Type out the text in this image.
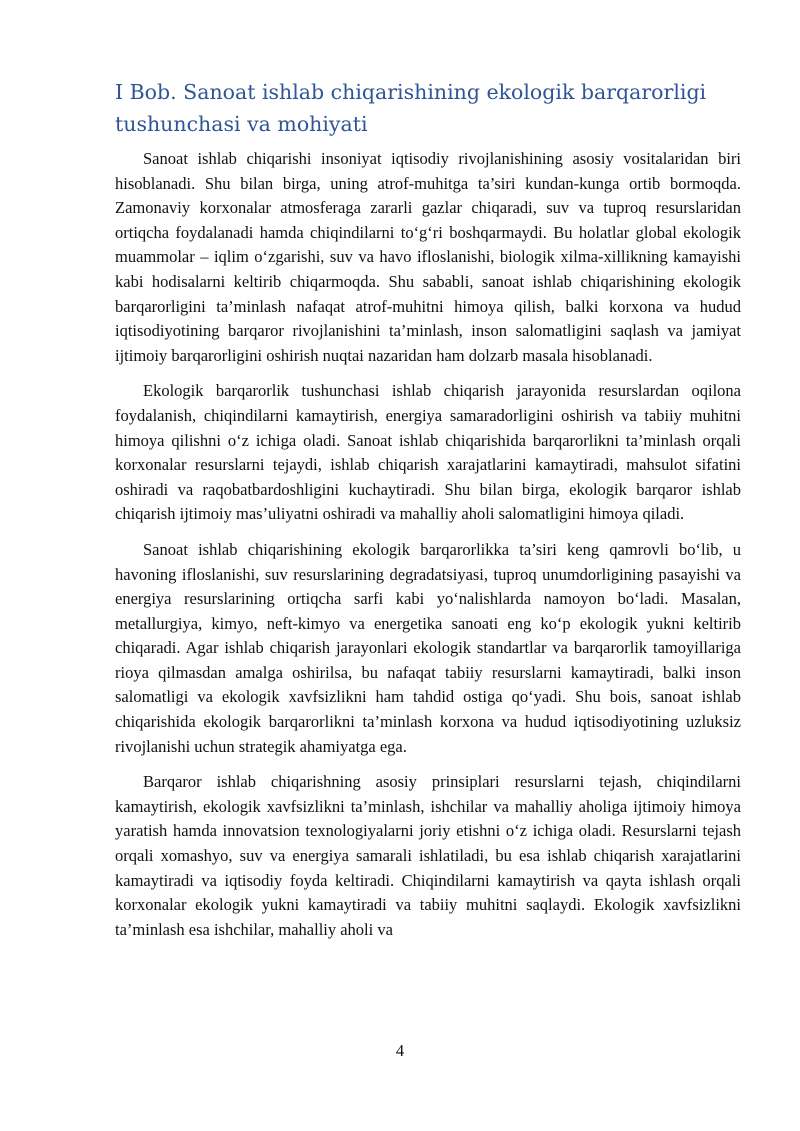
I Bob. Sanoat ishlab chiqarishining ekologik barqarorligi tushunchasi va mohiyati

Sanoat ishlab chiqarishi insoniyat iqtisodiy rivojlanishining asosiy vositalaridan biri hisoblanadi. Shu bilan birga, uning atrof-muhitga ta’siri kundan-kunga ortib bormoqda. Zamonaviy korxonalar atmosferaga zararli gazlar chiqaradi, suv va tuproq resurslaridan ortiqcha foydalanadi hamda chiqindilarni to‘g‘ri boshqarmaydi. Bu holatlar global ekologik muammolar – iqlim o‘zgarishi, suv va havo ifloslanishi, biologik xilma-xillikning kamayishi kabi hodisalarni keltirib chiqarmoqda. Shu sababli, sanoat ishlab chiqarishining ekologik barqarorligini ta’minlash nafaqat atrof-muhitni himoya qilish, balki korxona va hudud iqtisodiyotining barqaror rivojlanishini ta’minlash, inson salomatligini saqlash va jamiyat ijtimoiy barqarorligini oshirish nuqtai nazaridan ham dolzarb masala hisoblanadi.

Ekologik barqarorlik tushunchasi ishlab chiqarish jarayonida resurslardan oqilona foydalanish, chiqindilarni kamaytirish, energiya samaradorligini oshirish va tabiiy muhitni himoya qilishni o‘z ichiga oladi. Sanoat ishlab chiqarishida barqarorlikni ta’minlash orqali korxonalar resurslarni tejaydi, ishlab chiqarish xarajatlarini kamaytiradi, mahsulot sifatini oshiradi va raqobatbardoshligini kuchaytiradi. Shu bilan birga, ekologik barqaror ishlab chiqarish ijtimoiy mas’uliyatni oshiradi va mahalliy aholi salomatligini himoya qiladi.

Sanoat ishlab chiqarishining ekologik barqarorlikka ta’siri keng qamrovli bo‘lib, u havoning ifloslanishi, suv resurslarining degradatsiyasi, tuproq unumdorligining pasayishi va energiya resurslarining ortiqcha sarfi kabi yo‘nalishlarda namoyon bo‘ladi. Masalan, metallurgiya, kimyo, neft-kimyo va energetika sanoati eng ko‘p ekologik yukni keltirib chiqaradi. Agar ishlab chiqarish jarayonlari ekologik standartlar va barqarorlik tamoyillariga rioya qilmasdan amalga oshirilsa, bu nafaqat tabiiy resurslarni kamaytiradi, balki inson salomatligi va ekologik xavfsizlikni ham tahdid ostiga qo‘yadi. Shu bois, sanoat ishlab chiqarishida ekologik barqarorlikni ta’minlash korxona va hudud iqtisodiyotining uzluksiz rivojlanishi uchun strategik ahamiyatga ega.

Barqaror ishlab chiqarishning asosiy prinsiplari resurslarni tejash, chiqindilarni kamaytirish, ekologik xavfsizlikni ta’minlash, ishchilar va mahalliy aholiga ijtimoiy himoya yaratish hamda innovatsion texnologiyalarni joriy etishni o‘z ichiga oladi. Resurslarni tejash orqali xomashyo, suv va energiya samarali ishlatiladi, bu esa ishlab chiqarish xarajatlarini kamaytiradi va iqtisodiy foyda keltiradi. Chiqindilarni kamaytirish va qayta ishlash orqali korxonalar ekologik yukni kamaytiradi va tabiiy muhitni saqlaydi. Ekologik xavfsizlikni ta’minlash esa ishchilar, mahalliy aholi va

4
